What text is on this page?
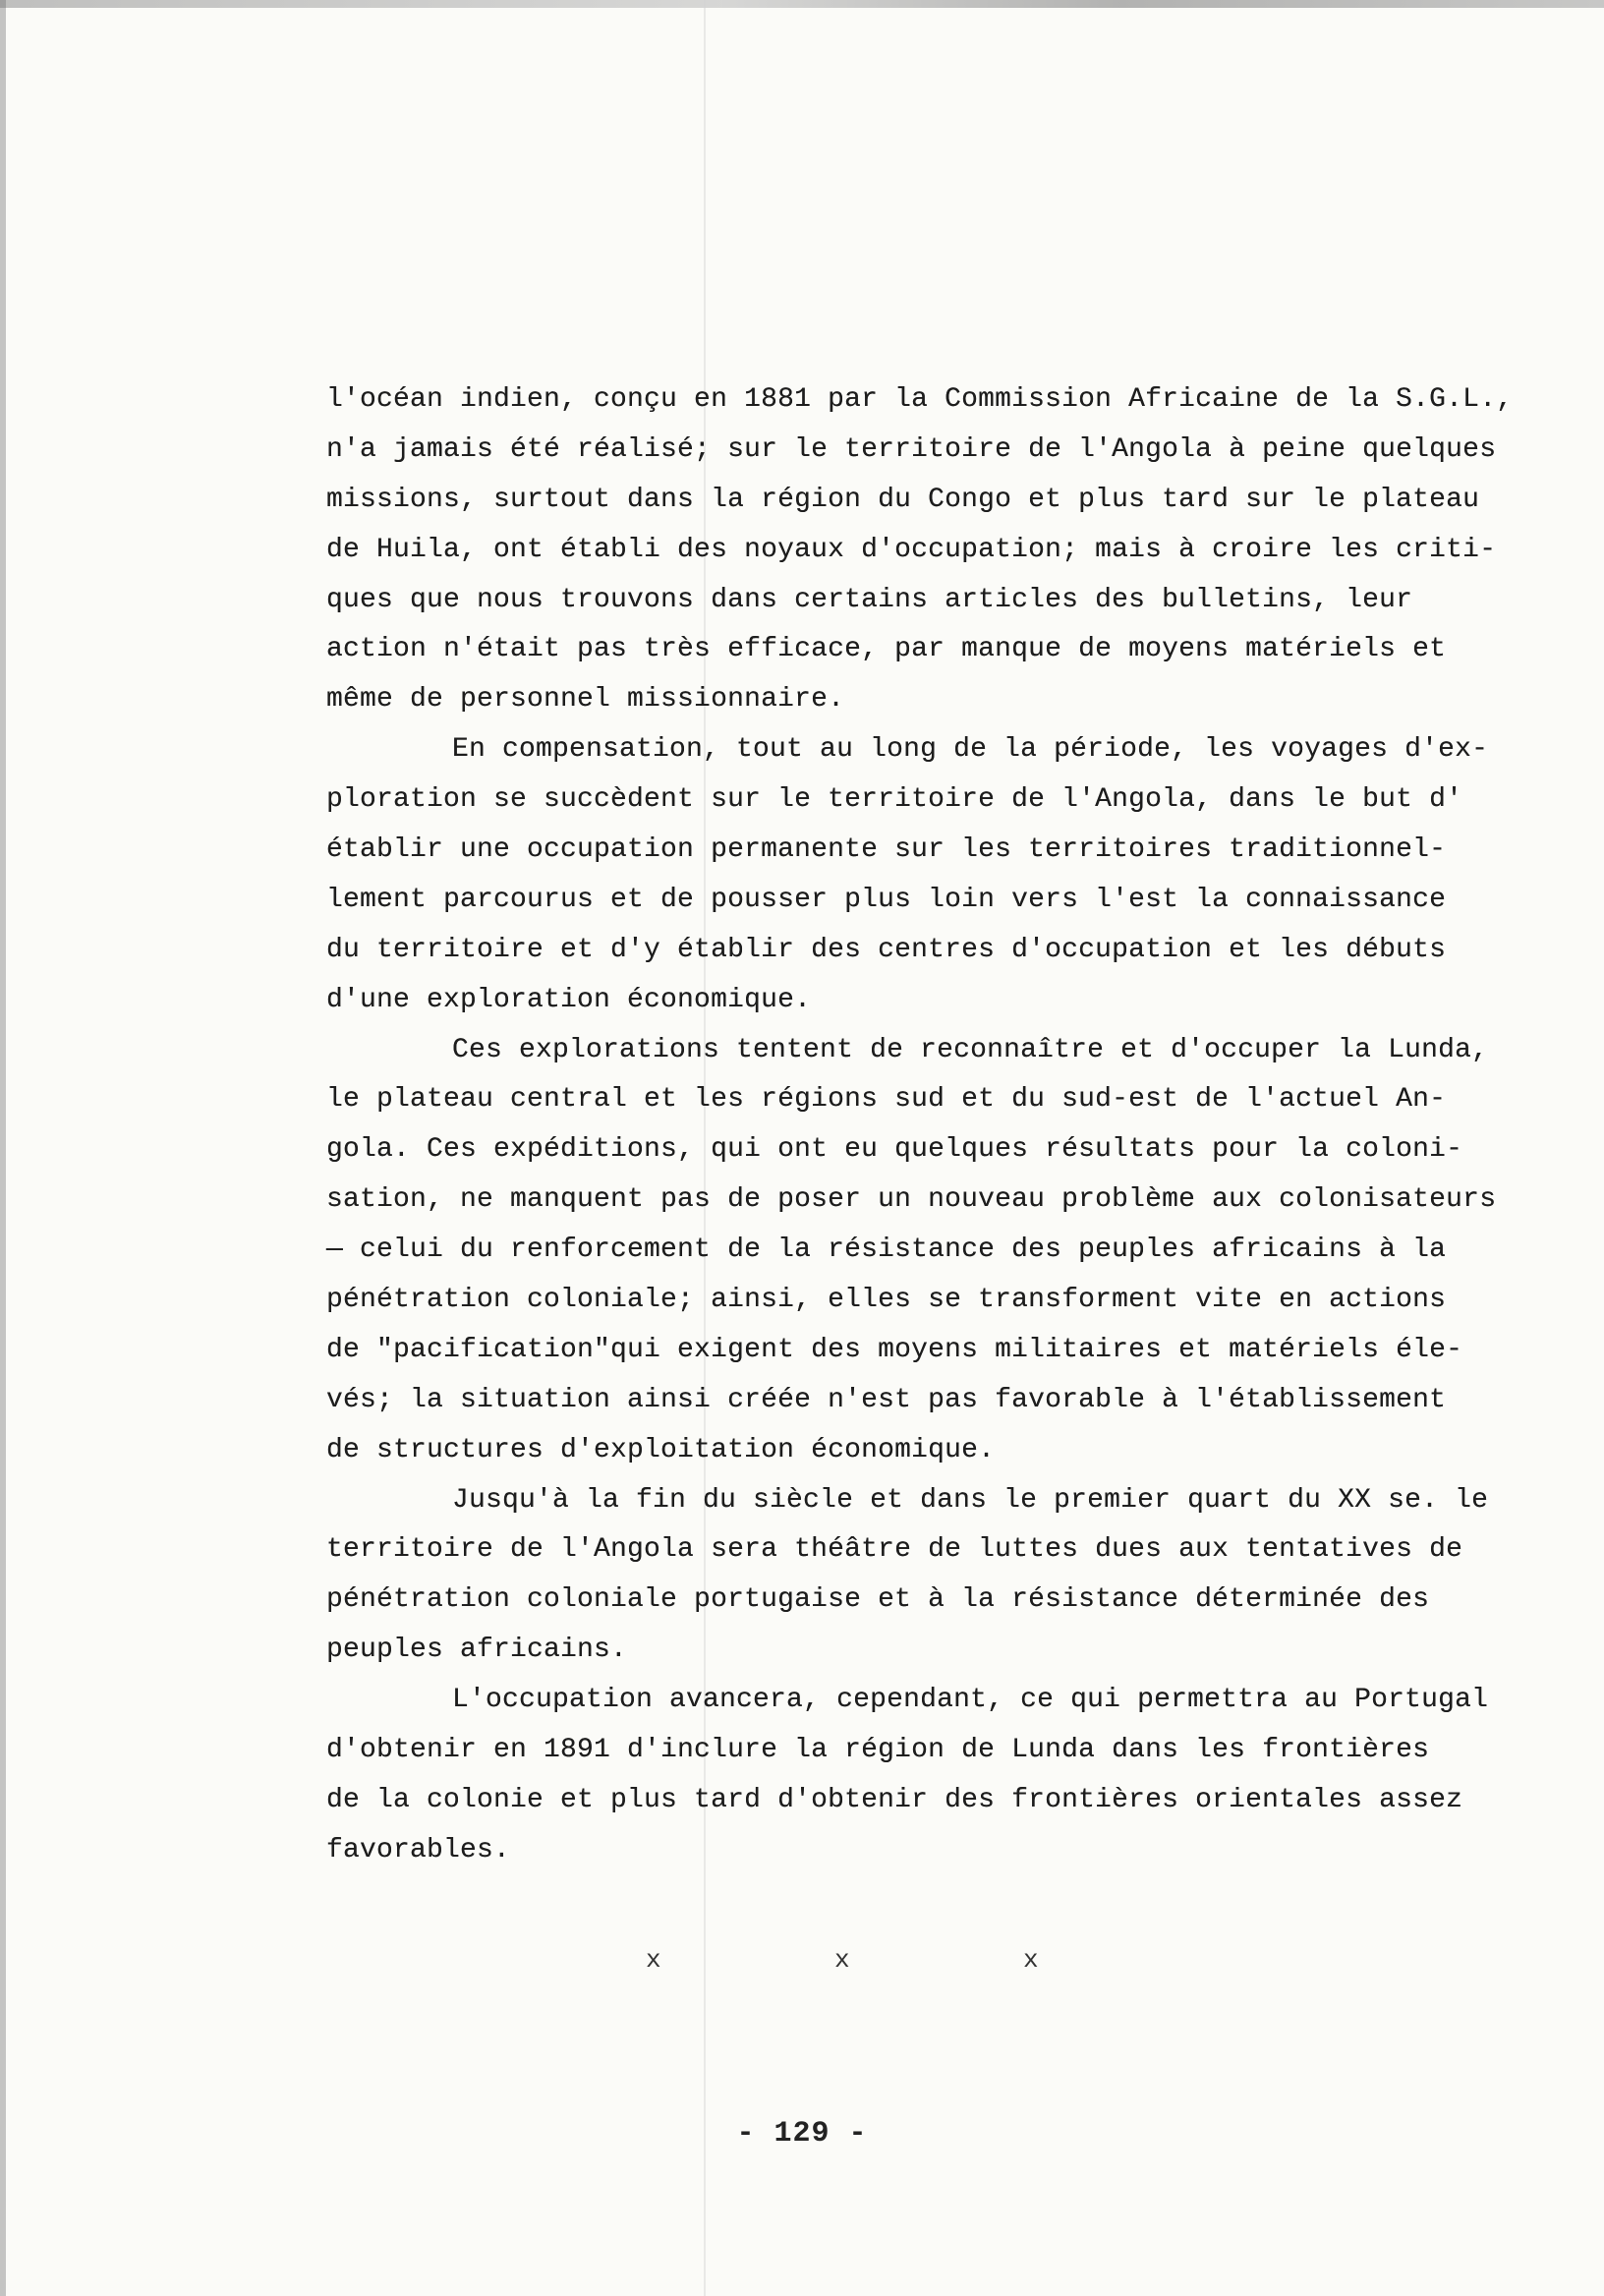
l'océan indien, conçu en 1881 par la Commission Africaine de la S.G.L.,
n'a jamais été réalisé; sur le territoire de l'Angola à peine quelques
missions, surtout dans la région du Congo et plus tard sur le plateau
de Huila, ont établi des noyaux d'occupation; mais à croire les criti-
ques que nous trouvons dans certains articles des bulletins, leur
action n'était pas très efficace, par manque de moyens matériels et
même de personnel missionnaire.
En compensation, tout au long de la période, les voyages d'ex-
ploration se succèdent sur le territoire de l'Angola, dans le but d'
établir une occupation permanente sur les territoires traditionnel-
lement parcourus et de pousser plus loin vers l'est la connaissance
du territoire et d'y établir des centres d'occupation et les débuts
d'une exploration économique.
Ces explorations tentent de reconnaître et d'occuper la Lunda,
le plateau central et les régions sud et du sud-est de l'actuel An-
gola. Ces expéditions, qui ont eu quelques résultats pour la coloni-
sation, ne manquent pas de poser un nouveau problème aux colonisateurs
— celui du renforcement de la résistance des peuples africains à la
pénétration coloniale; ainsi, elles se transforment vite en actions
de "pacification"qui exigent des moyens militaires et matériels éle-
vés; la situation ainsi créée n'est pas favorable à l'établissement
de structures d'exploitation économique.
Jusqu'à la fin du siècle et dans le premier quart du XX se. le
territoire de l'Angola sera théâtre de luttes dues aux tentatives de
pénétration coloniale portugaise et à la résistance déterminée des
peuples africains.
L'occupation avancera, cependant, ce qui permettra au Portugal
d'obtenir en 1891 d'inclure la région de Lunda dans les frontières
de la colonie et plus tard d'obtenir des frontières orientales assez
favorables.
x	x	x
- 129 -
